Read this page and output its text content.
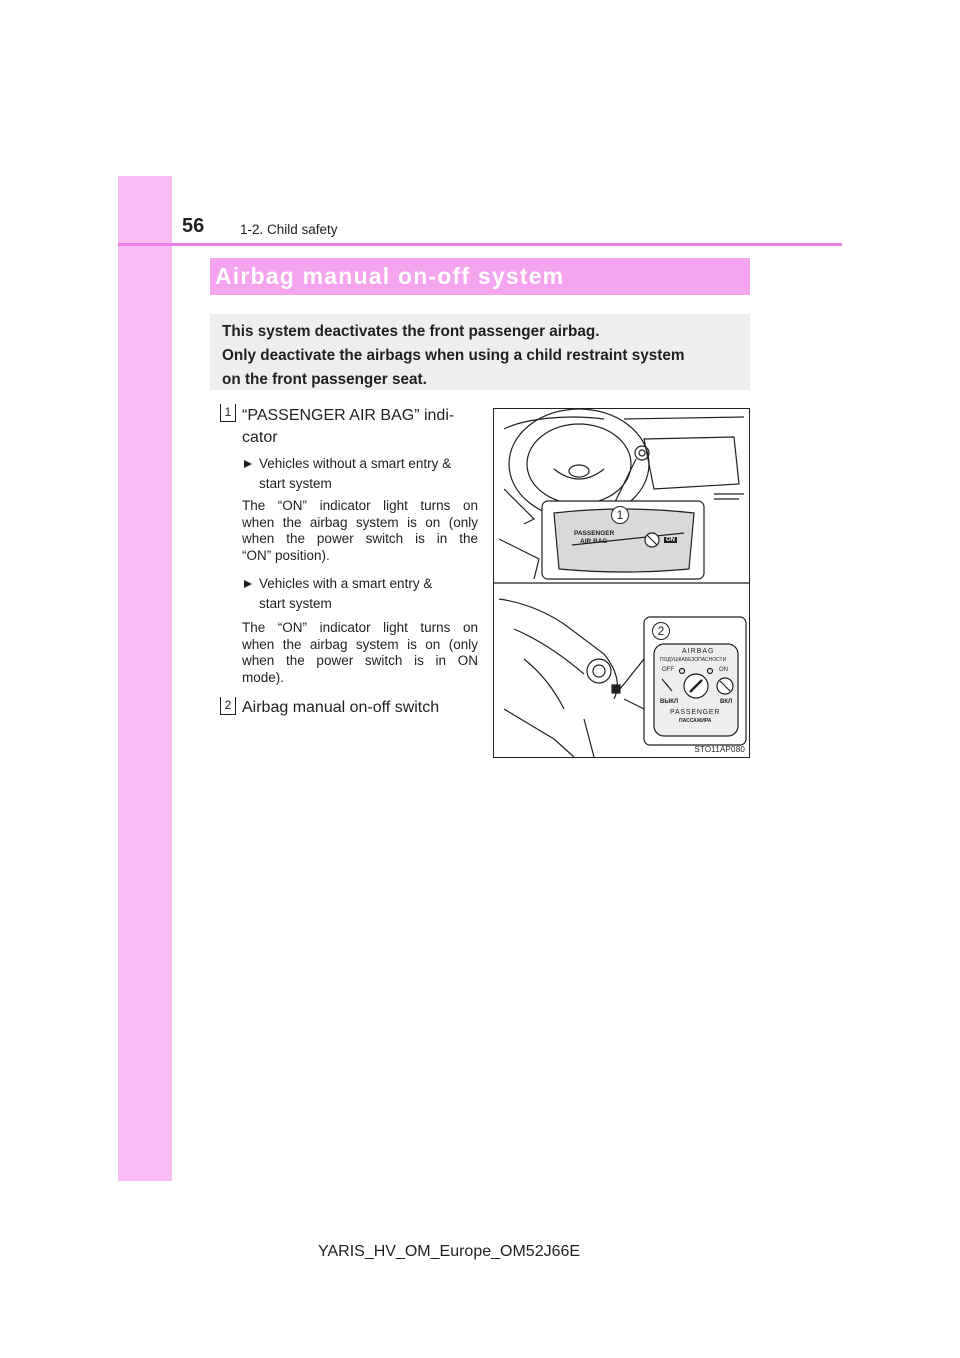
56	1-2. Child safety
Airbag manual on-off system
This system deactivates the front passenger airbag.
Only deactivate the airbags when using a child restraint system
on the front passenger seat.
1 “PASSENGER AIR BAG” indi-
cator
Vehicles without a smart entry &
start system
The “ON” indicator light turns on
when the airbag system is on (only
when the power switch is in the
“ON” position).
Vehicles with a smart entry &
start system
The “ON” indicator light turns on
when the airbag system is on (only
when the power switch is in ON
mode).
2 Airbag manual on-off switch
1
2
PASSENGER
AIR BAG	ON
AIRBAG
ПОДУШКАБЕЗОПАСНОСТИ
OFF	ON
ВЫКЛ	ВКЛ
PASSENGER
ПАССАЖИРА
STO11AP080
YARIS_HV_OM_Europe_OM52J66E
